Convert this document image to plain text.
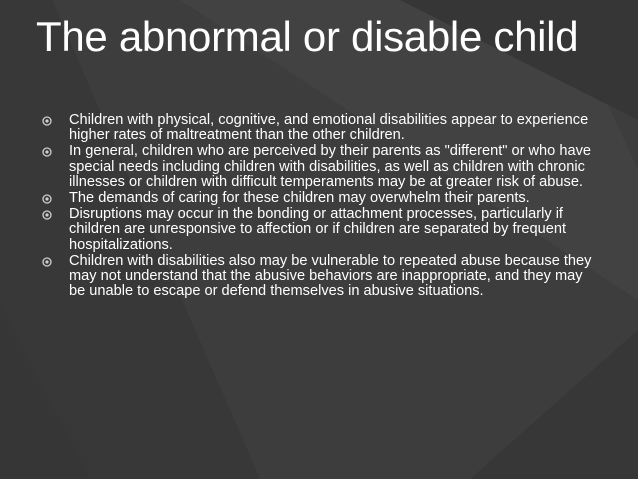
The abnormal or disable child
Children with physical, cognitive, and emotional disabilities appear to experience higher rates of maltreatment than the other children.
In general, children who are perceived by their parents as "different" or who have special needs including children with disabilities, as well as children with chronic illnesses or children with difficult temperaments may be at greater risk of abuse.
The demands of caring for these children may overwhelm their parents.
Disruptions may occur in the bonding or attachment processes, particularly if children are unresponsive to affection or if children are separated by frequent hospitalizations.
Children with disabilities also may be vulnerable to repeated abuse because they may not understand that the abusive behaviors are inappropriate, and they may be unable to escape or defend themselves in abusive situations.
